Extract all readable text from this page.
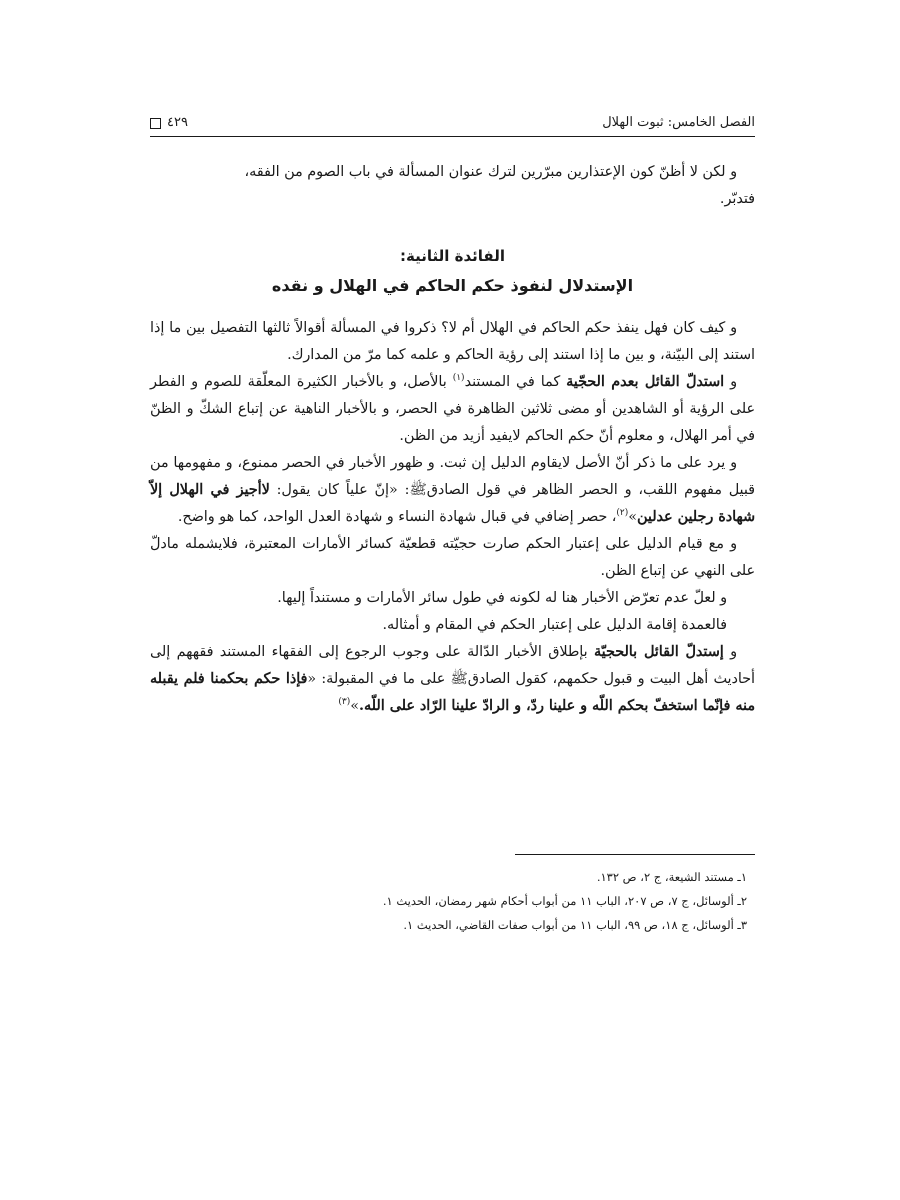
الفصل الخامس: ثبوت الهلال
٤٢٩

و لكن لا أظنّ كون الإعتذارين مبرّرين لترك عنوان المسألة في باب الصوم من الفقه،
فتدبّر.

الفائدة الثانية:
الإستدلال لنفوذ حكم الحاكم في الهلال و نقده

و كيف كان فهل ينفذ حكم الحاكم في الهلال أم لا؟ ذكروا في المسألة أقوالاً ثالثها التفصيل بين ما إذا استند إلى البيّنة، و بين ما إذا استند إلى رؤية الحاكم و علمه كما مرّ من المدارك.

و استدلّ القائل بعدم الحجّية كما في المستند$^{(١)}$ بالأصل، و بالأخبار الكثيرة المعلّقة للصوم و الفطر على الرؤية أو الشاهدين أو مضى ثلاثين الظاهرة في الحصر، و بالأخبار الناهية عن إتباع الشكّ و الظنّ في أمر الهلال، و معلوم أنّ حكم الحاكم لايفيد أزيد من الظن.

و يرد على ما ذكر أنّ الأصل لايقاوم الدليل إن ثبت. و ظهور الأخبار في الحصر ممنوع، و مفهومها من قبيل مفهوم اللقب، و الحصر الظاهر في قول الصادقﷺ: «إنّ علياً كان يقول: لاأجيز في الهلال إلاّ شهادة رجلين عدلين»$^{(٢)}$، حصر إضافي في قبال شهادة النساء و شهادة العدل الواحد، كما هو واضح.

و مع قيام الدليل على إعتبار الحكم صارت حجيّته قطعيّة كسائر الأمارات المعتبرة، فلايشمله مادلّ على النهي عن إتباع الظن.

و لعلّ عدم تعرّض الأخبار هنا له لكونه في طول سائر الأمارات و مستنداً إليها.

فالعمدة إقامة الدليل على إعتبار الحكم في المقام و أمثاله.

و إستدلّ القائل بالحجيّة بإطلاق الأخبار الدّالة على وجوب الرجوع إلى الفقهاء المستند فقههم إلى أحاديث أهل البيت و قبول حكمهم، كقول الصادقﷺ على ما في المقبولة: «فإذا حكم بحكمنا فلم يقبله منه فإنّما استخفّ بحكم اللّه و علينا ردّ، و الرادّ علينا الرّاد على اللّه.»$^{(٣)}$

١ـ مستند الشيعة، ج ٢، ص ١٣٢.

٢ـ ألوسائل، ج ٧، ص ٢٠٧، الباب ١١ من أبواب أحكام شهر رمضان، الحديث ١.

٣ـ ألوسائل، ج ١٨، ص ٩٩، الباب ١١ من أبواب صفات القاضي، الحديث ١.
